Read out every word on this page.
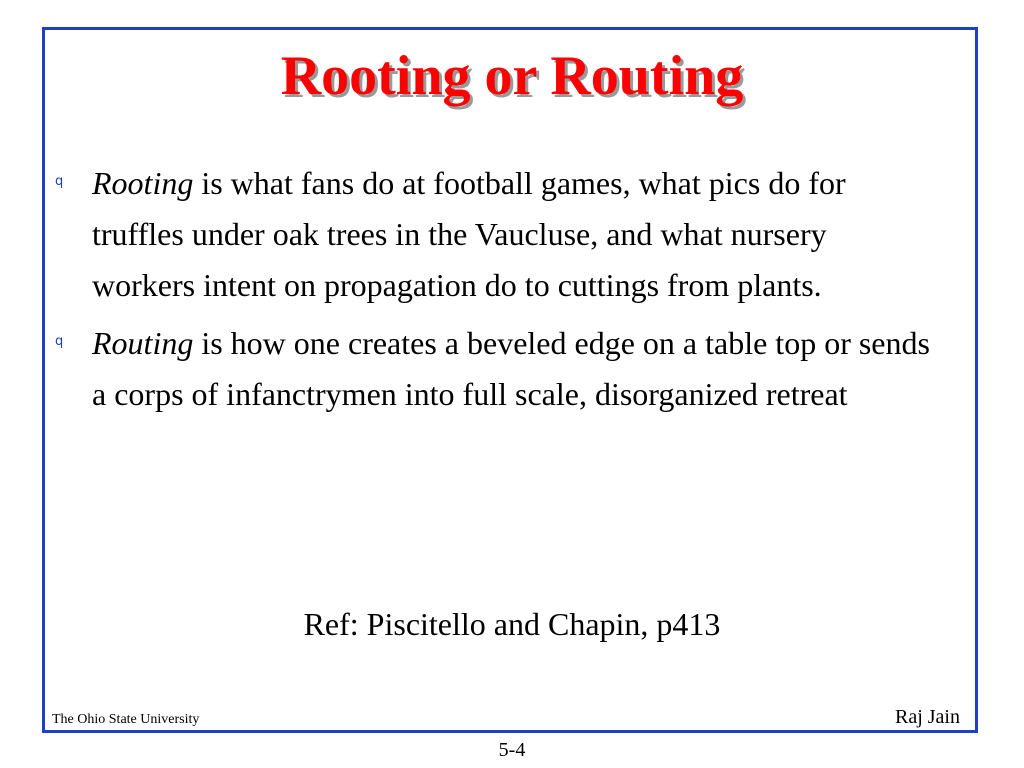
Rooting or Routing
q Rooting is what fans do at football games, what pics do for truffles under oak trees in the Vaucluse, and what nursery workers intent on propagation do to cuttings from plants.
q Routing is how one creates a beveled edge on a table top or sends a corps of infanctrymen into full scale, disorganized retreat
Ref: Piscitello and Chapin, p413
The Ohio State University	Raj Jain
5-4
